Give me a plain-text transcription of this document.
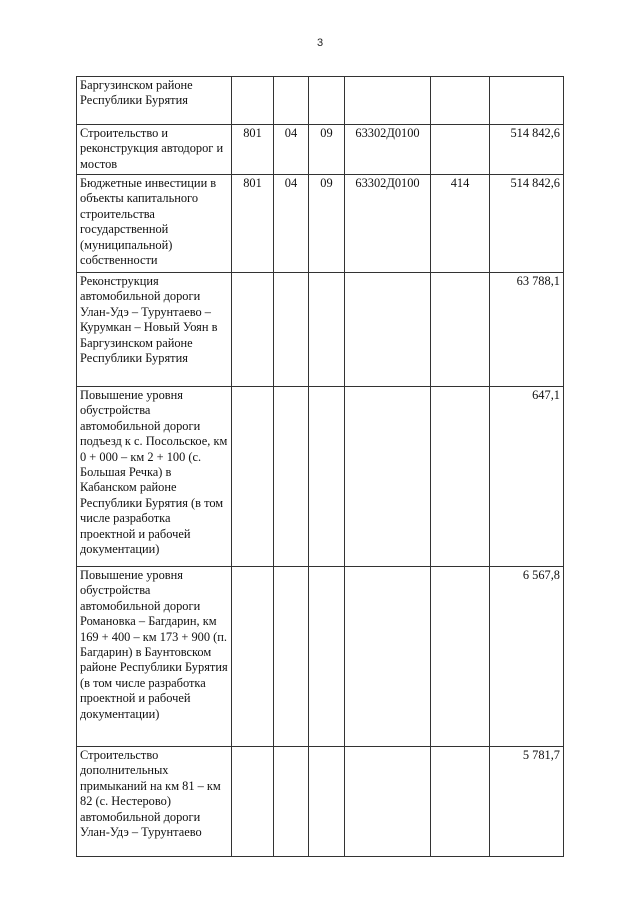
3
Баргузинском районе Республики Бурятия						
Строительство и реконструкция автодорог и мостов	801	04	09	63302Д0100		514 842,6
Бюджетные инвестиции в объекты капитального строительства государственной (муниципальной) собственности	801	04	09	63302Д0100	414	514 842,6
Реконструкция автомобильной дороги Улан-Удэ – Турунтаево – Курумкан – Новый Уоян в Баргузинском районе Республики Бурятия						63 788,1
Повышение уровня обустройства автомобильной дороги подъезд к с. Посольское, км 0 + 000 – км 2 + 100 (с. Большая Речка) в Кабанском районе Республики Бурятия (в том числе разработка проектной и рабочей документации)						647,1
Повышение уровня обустройства автомобильной дороги Романовка – Багдарин, км 169 + 400 – км 173 + 900 (п. Багдарин) в Баунтовском районе Республики Бурятия (в том числе разработка проектной и рабочей документации)						6 567,8
Строительство дополнительных примыканий на км 81 – км 82 (с. Нестерово) автомобильной дороги Улан-Удэ – Турунтаево						5 781,7
